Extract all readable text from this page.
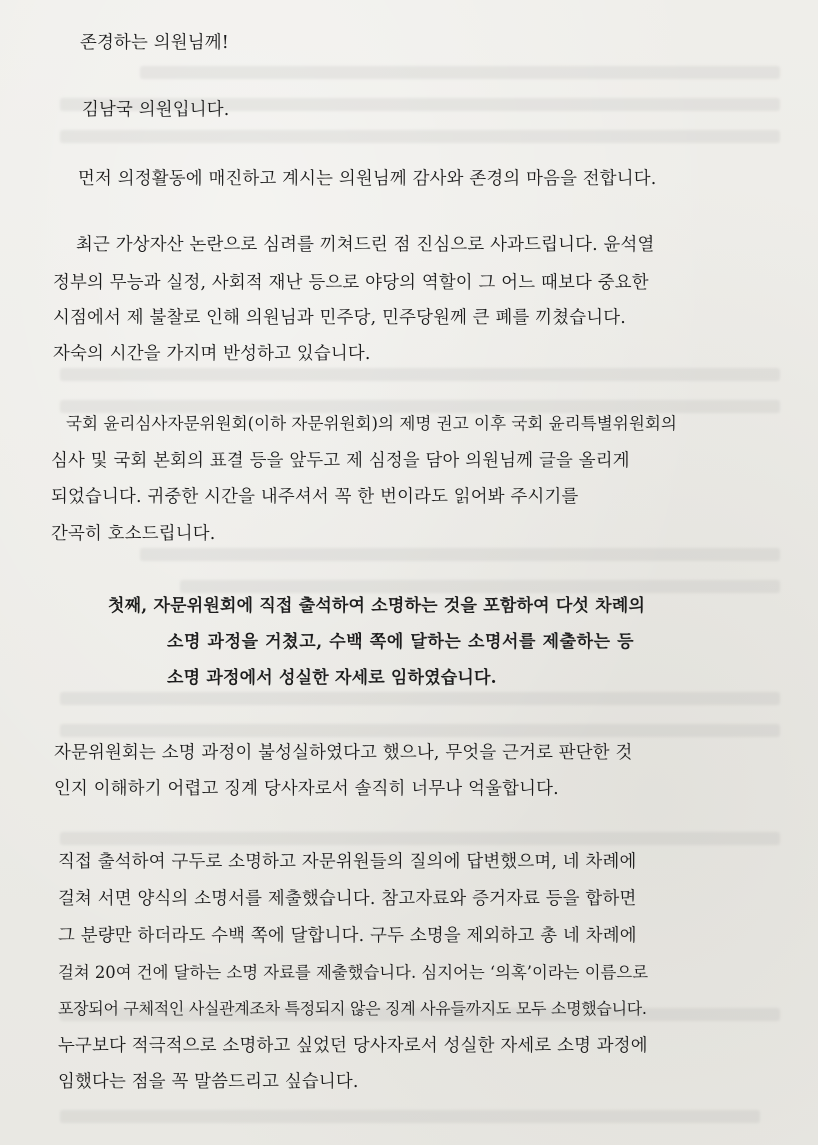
존경하는 의원님께!
김남국 의원입니다.
먼저 의정활동에 매진하고 계시는 의원님께 감사와 존경의 마음을 전합니다.
최근 가상자산 논란으로 심려를 끼쳐드린 점 진심으로 사과드립니다. 윤석열
정부의 무능과 실정, 사회적 재난 등으로 야당의 역할이 그 어느 때보다 중요한
시점에서 제 불찰로 인해 의원님과 민주당, 민주당원께 큰 폐를 끼쳤습니다.
자숙의 시간을 가지며 반성하고 있습니다.
국회 윤리심사자문위원회(이하 자문위원회)의 제명 권고 이후 국회 윤리특별위원회의
심사 및 국회 본회의 표결 등을 앞두고 제 심정을 담아 의원님께 글을 올리게
되었습니다. 귀중한 시간을 내주셔서 꼭 한 번이라도 읽어봐 주시기를
간곡히 호소드립니다.
첫째, 자문위원회에 직접 출석하여 소명하는 것을 포함하여 다섯 차례의
소명 과정을 거쳤고, 수백 쪽에 달하는 소명서를 제출하는 등
소명 과정에서 성실한 자세로 임하였습니다.
자문위원회는 소명 과정이 불성실하였다고 했으나, 무엇을 근거로 판단한 것
인지 이해하기 어렵고 징계 당사자로서 솔직히 너무나 억울합니다.
직접 출석하여 구두로 소명하고 자문위원들의 질의에 답변했으며, 네 차례에
걸쳐 서면 양식의 소명서를 제출했습니다. 참고자료와 증거자료 등을 합하면
그 분량만 하더라도 수백 쪽에 달합니다. 구두 소명을 제외하고 총 네 차례에
걸쳐 20여 건에 달하는 소명 자료를 제출했습니다. 심지어는 ‘의혹’이라는 이름으로
포장되어 구체적인 사실관계조차 특정되지 않은 징계 사유들까지도 모두 소명했습니다.
누구보다 적극적으로 소명하고 싶었던 당사자로서 성실한 자세로 소명 과정에
임했다는 점을 꼭 말씀드리고 싶습니다.
